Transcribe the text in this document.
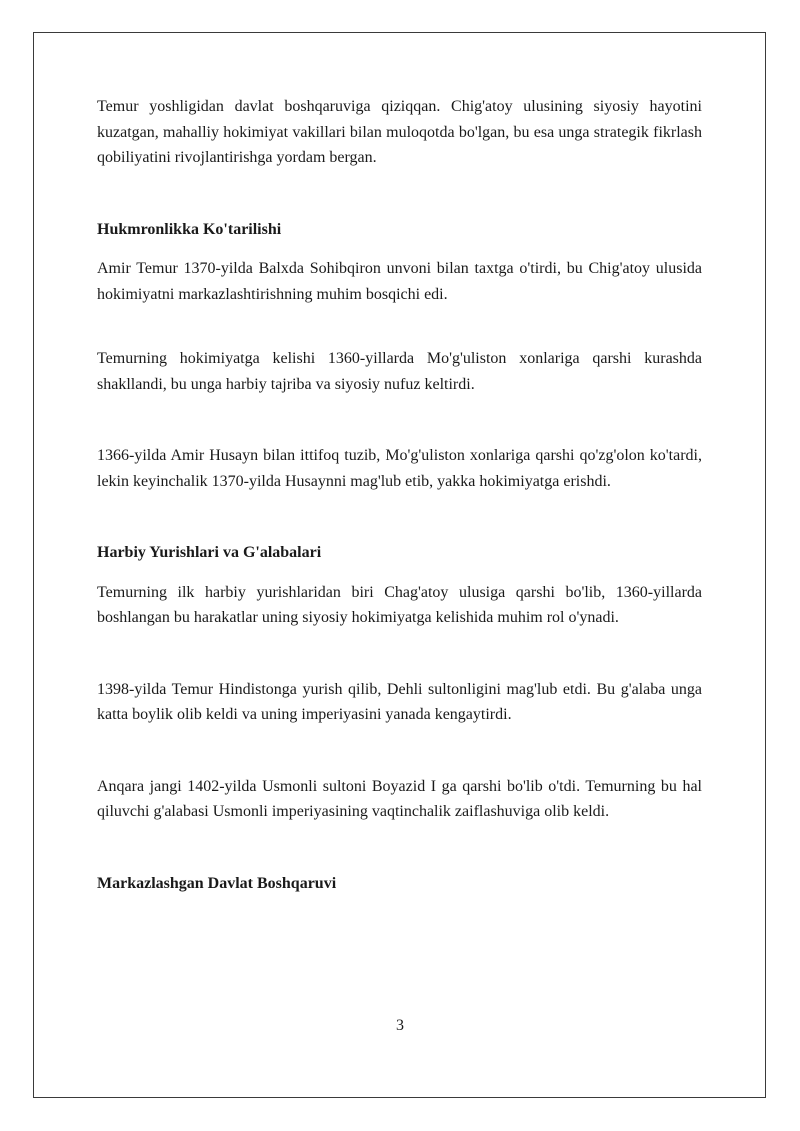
Temur yoshligidan davlat boshqaruviga qiziqqan. Chig'atoy ulusining siyosiy hayotini kuzatgan, mahalliy hokimiyat vakillari bilan muloqotda bo'lgan, bu esa unga strategik fikrlash qobiliyatini rivojlantirishga yordam bergan.

Hukmronlikka Ko'tarilishi

Amir Temur 1370-yilda Balxda Sohibqiron unvoni bilan taxtga o'tirdi, bu Chig'atoy ulusida hokimiyatni markazlashtirishning muhim bosqichi edi.

Temurning hokimiyatga kelishi 1360-yillarda Mo'g'uliston xonlariga qarshi kurashda shakllandi, bu unga harbiy tajriba va siyosiy nufuz keltirdi.

1366-yilda Amir Husayn bilan ittifoq tuzib, Mo'g'uliston xonlariga qarshi qo'zg'olon ko'tardi, lekin keyinchalik 1370-yilda Husaynni mag'lub etib, yakka hokimiyatga erishdi.

Harbiy Yurishlari va G'alabalari

Temurning ilk harbiy yurishlaridan biri Chag'atoy ulusiga qarshi bo'lib, 1360-yillarda boshlangan bu harakatlar uning siyosiy hokimiyatga kelishida muhim rol o'ynadi.

1398-yilda Temur Hindistonga yurish qilib, Dehli sultonligini mag'lub etdi. Bu g'alaba unga katta boylik olib keldi va uning imperiyasini yanada kengaytirdi.

Anqara jangi 1402-yilda Usmonli sultoni Boyazid I ga qarshi bo'lib o'tdi. Temurning bu hal qiluvchi g'alabasi Usmonli imperiyasining vaqtinchalik zaiflashuviga olib keldi.

Markazlashgan Davlat Boshqaruvi

3
